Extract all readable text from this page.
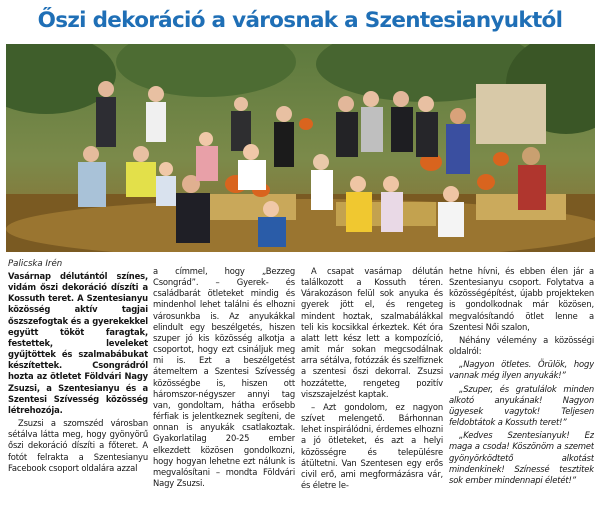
Őszi dekoráció a városnak a Szentesianyuktól
Palicska Irén

Vasárnap délutántól színes, vidám őszi dekoráció díszíti a Kossuth teret. A Szentesianyu közösség aktív tagjai őszszefogtak és a gyerekekkel együtt tököt faragtak, festettek, leveleket gyűjtöttek és szalmabábukat készítettek. Csongrádról hozta az ötletet Földvári Nagy Zsuzsi, a Szentesianyu és a Szentesi Szívesség közösség létrehozója.

Zsuzsi a szomszéd városban sétálva látta meg, hogy gyönyörű őszi dekoráció díszíti a főteret. A fotót felrakta a Szentesianyu Facebook csoport oldalára azzal

a címmel, hogy „Bezzeg Csongrád”. – Gyerek- és családbarát ötleteket mindig és mindenhol lehet találni és elhozni városunkba is. Az anyukákkal elindult egy beszélgetés, hiszen szuper jó kis közösség alkotja a csoportot, hogy ezt csináljuk meg mi is. Ezt a beszélgetést átemeltem a Szentesi Szívesség közösségbe is, hiszen ott háromszor-négyszer annyi tag van, gondoltam, hátha erősebb férfiak is jelentkeznek segíteni, de onnan is anyukák csatlakoztak. Gyakorlatilag 20-25 ember elkezdett közösen gondolkozni, hogy hogyan lehetne ezt nálunk is megvalósítani – mondta Földvári Nagy Zsuzsi.

A csapat vasárnap délután találkozott a Kossuth téren. Várakozáson felül sok anyuka és gyerek jött el, és rengeteg mindent hoztak, szalmabálákkal teli kis kocsikkal érkeztek. Két óra alatt lett kész lett a kompozíció, amit már sokan megcsodálnak arra sétálva, fotózzák és szelfiznek a szentesi őszi dekorral. Zsuzsi hozzátette, rengeteg pozitív viszszajelzést kaptak.

– Azt gondolom, ez nagyon szívet melengető. Bárhonnan lehet inspirálódni, érdemes elhozni a jó ötleteket, és azt a helyi közösségre és településre átültetni. Van Szentesen egy erős civil erő, ami megformázásra vár, és életre le-

hetne hívni, és ebben élen jár a Szentesianyu csoport. Folytatva a közösségépítést, újabb projekteken is gondolkodnak már közösen, megvalósítandó ötlet lenne a Szentesi Női szalon,

Néhány vélemény a közösségi oldalról:

„Nagyon ötletes. Örülök, hogy vannak még ilyen anyukák!”

„Szuper, és gratulálok minden alkotó anyukának! Nagyon ügyesek vagytok! Teljesen feldobtátok a Kossuth teret!”

„Kedves Szentesianyuk! Ez maga a csoda! Köszönöm a szemet gyönyörködtető alkotást mindenkinek! Színessé tesztitek sok ember mindennapi életét!”
